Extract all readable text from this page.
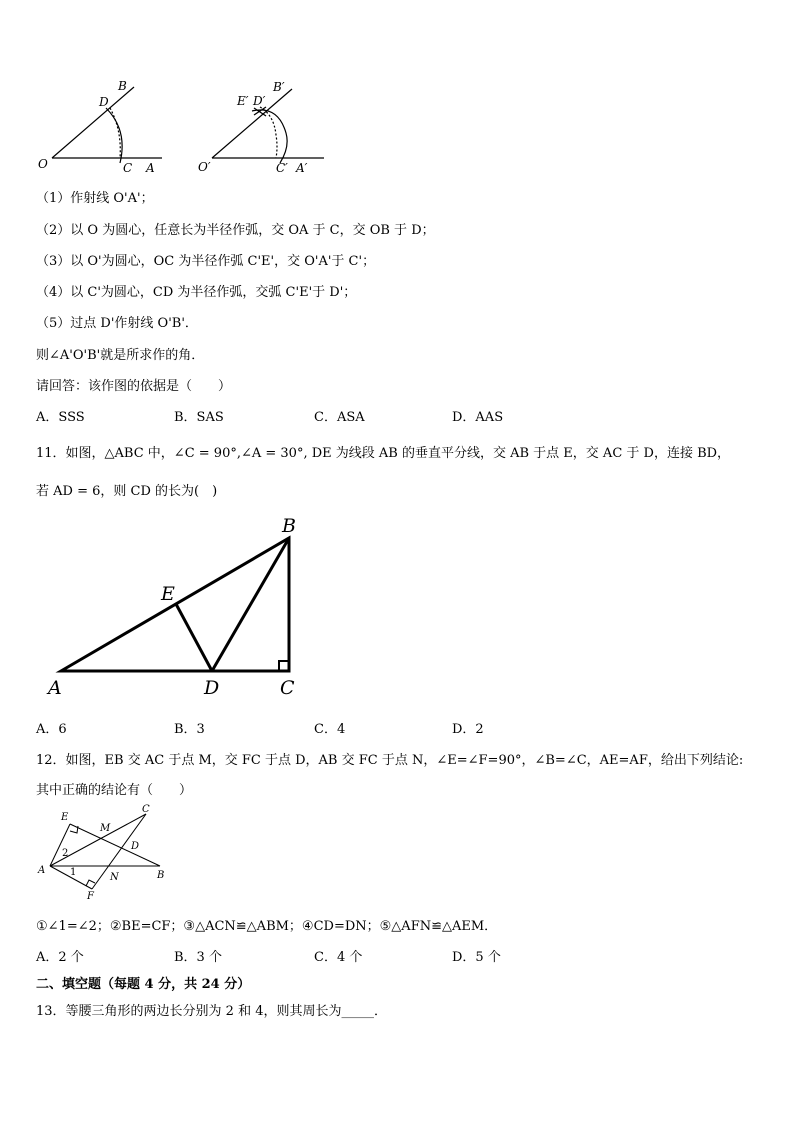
B
D
O	C A
B′
E′ D′
O′	C′ A′
（1）作射线 O'A'；
（2）以 O 为圆心，任意长为半径作弧，交 OA 于 C，交 OB 于 D；
（3）以 O'为圆心，OC 为半径作弧 C'E'，交 O'A'于 C'；
（4）以 C'为圆心，CD 为半径作弧，交弧 C'E'于 D'；
（5）过点 D'作射线 O'B'．
则∠A'O'B'就是所求作的角．
请回答：该作图的依据是（　　）
A．SSS	B．SAS	C．ASA	D．AAS
11．如图，△ABC 中，∠C = 90°,∠A = 30°, DE 为线段 AB 的垂直平分线，交 AB 于点 E，交 AC 于 D，连接 BD，
若 AD = 6，则 CD 的长为(　)
B
E
A	D	C
A．6	B．3	C．4	D．2
12．如图，EB 交 AC 于点 M，交 FC 于点 D，AB 交 FC 于点 N，∠E=∠F=90°，∠B=∠C，AE=AF，给出下列结论:
其中正确的结论有（　　）
E
C
M
D
A
N	B
F
2
1
①∠1=∠2；②BE=CF；③△ACN≌△ABM；④CD=DN；⑤△AFN≌△AEM．
A．2 个	B．3 个	C．4 个	D．5 个
二、填空题（每题 4 分，共 24 分）
13．等腰三角形的两边长分别为 2 和 4，则其周长为_____．
